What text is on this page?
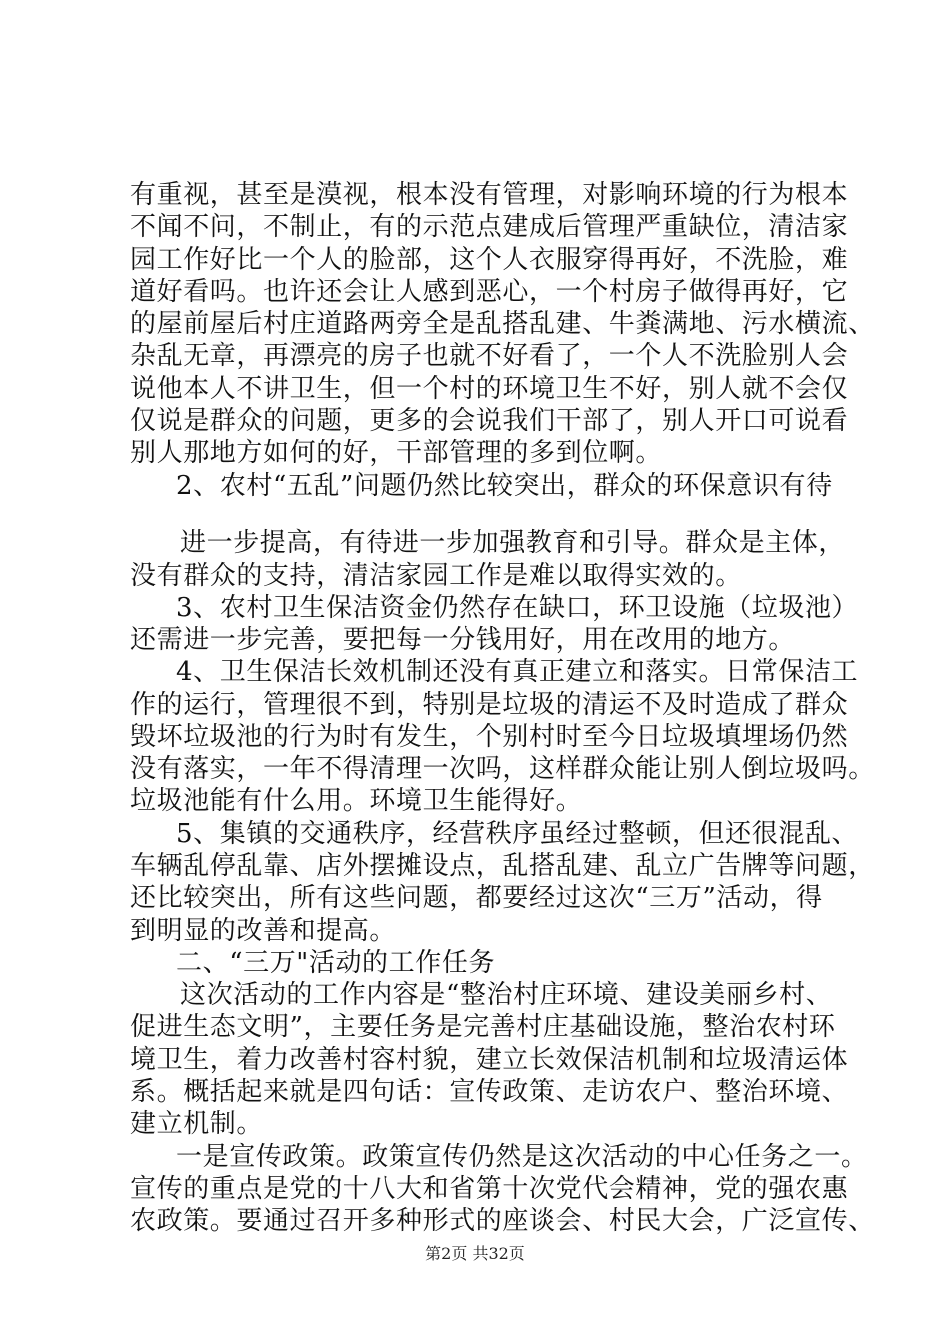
有重视，甚至是漠视，根本没有管理，对影响环境的行为根本
不闻不问，不制止，有的示范点建成后管理严重缺位，清洁家
园工作好比一个人的脸部，这个人衣服穿得再好，不洗脸，难
道好看吗。也许还会让人感到恶心，一个村房子做得再好，它
的屋前屋后村庄道路两旁全是乱搭乱建、牛粪满地、污水横流、
杂乱无章，再漂亮的房子也就不好看了，一个人不洗脸别人会
说他本人不讲卫生，但一个村的环境卫生不好，别人就不会仅
仅说是群众的问题，更多的会说我们干部了，别人开口可说看
别人那地方如何的好，干部管理的多到位啊。
2、农村“五乱”问题仍然比较突出，群众的环保意识有待
进一步提高，有待进一步加强教育和引导。群众是主体，
没有群众的支持，清洁家园工作是难以取得实效的。
3、农村卫生保洁资金仍然存在缺口，环卫设施（垃圾池）
还需进一步完善，要把每一分钱用好，用在改用的地方。
4、卫生保洁长效机制还没有真正建立和落实。日常保洁工
作的运行，管理很不到，特别是垃圾的清运不及时造成了群众
毁坏垃圾池的行为时有发生，个别村时至今日垃圾填埋场仍然
没有落实，一年不得清理一次吗，这样群众能让别人倒垃圾吗。
垃圾池能有什么用。环境卫生能得好。
5、集镇的交通秩序，经营秩序虽经过整顿，但还很混乱、
车辆乱停乱靠、店外摆摊设点，乱搭乱建、乱立广告牌等问题，
还比较突出，所有这些问题，都要经过这次“三万”活动，得
到明显的改善和提高。
二、“三万"活动的工作任务
这次活动的工作内容是“整治村庄环境、建设美丽乡村、
促进生态文明”，主要任务是完善村庄基础设施，整治农村环
境卫生，着力改善村容村貌，建立长效保洁机制和垃圾清运体
系。概括起来就是四句话：宣传政策、走访农户、整治环境、
建立机制。
一是宣传政策。政策宣传仍然是这次活动的中心任务之一。
宣传的重点是党的十八大和省第十次党代会精神，党的强农惠
农政策。要通过召开多种形式的座谈会、村民大会，广泛宣传、
第2页 共32页
